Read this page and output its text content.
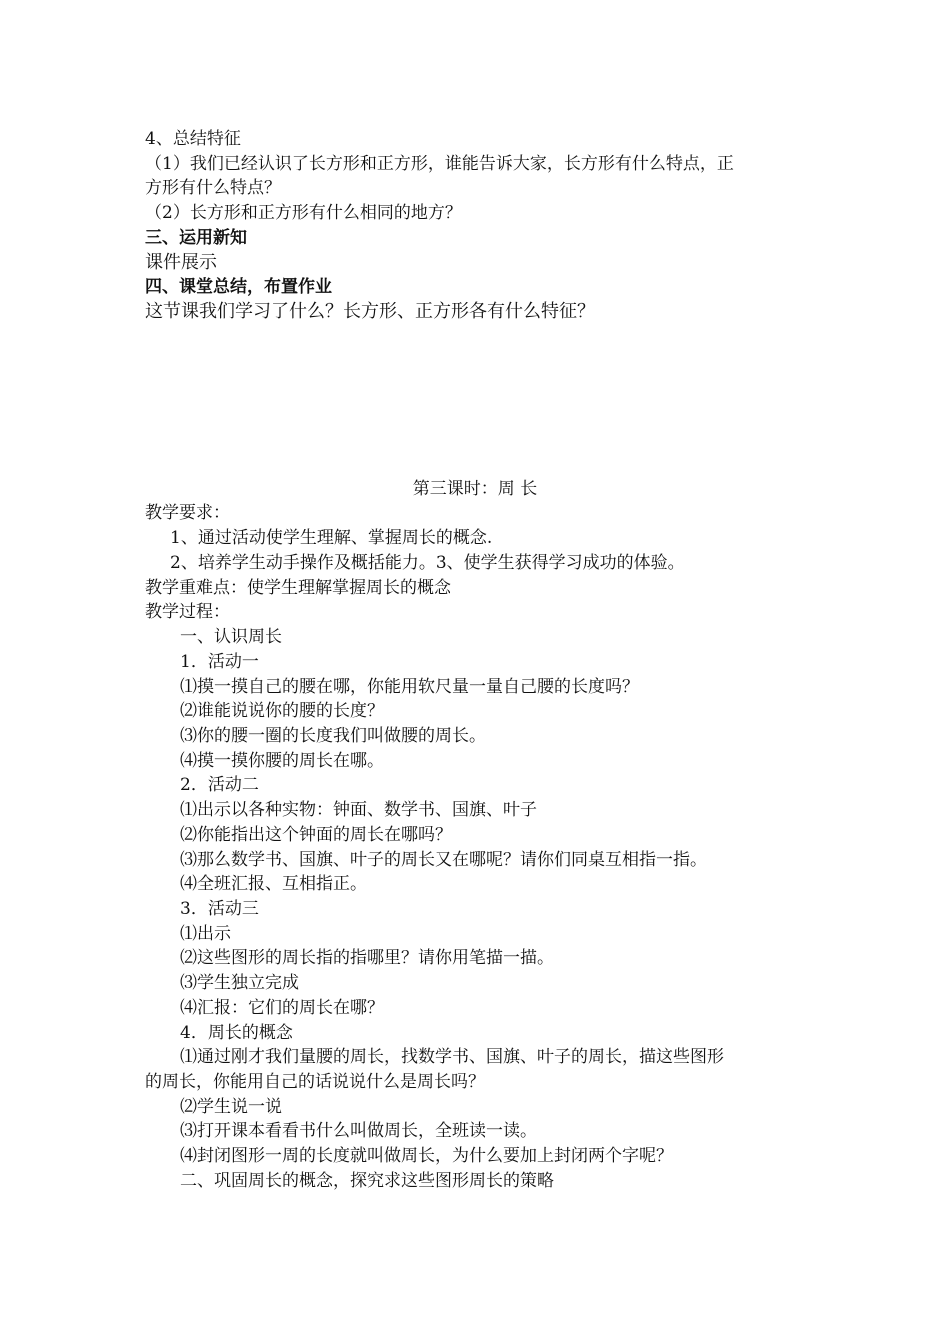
4、总结特征
（1）我们已经认识了长方形和正方形，谁能告诉大家，长方形有什么特点，正
方形有什么特点？
（2）长方形和正方形有什么相同的地方？
三、运用新知
课件展示
四、课堂总结，布置作业
这节课我们学习了什么？长方形、正方形各有什么特征？
第三课时：周 长
教学要求：
1、通过活动使学生理解、掌握周长的概念.
2、培养学生动手操作及概括能力。3、使学生获得学习成功的体验。
教学重难点：使学生理解掌握周长的概念
教学过程：
一、认识周长
1．活动一
⑴摸一摸自己的腰在哪，你能用软尺量一量自己腰的长度吗？
⑵谁能说说你的腰的长度？
⑶你的腰一圈的长度我们叫做腰的周长。
⑷摸一摸你腰的周长在哪。
2．活动二
⑴出示以各种实物：钟面、数学书、国旗、叶子
⑵你能指出这个钟面的周长在哪吗？
⑶那么数学书、国旗、叶子的周长又在哪呢？请你们同桌互相指一指。
⑷全班汇报、互相指正。
3．活动三
⑴出示
⑵这些图形的周长指的指哪里？请你用笔描一描。
⑶学生独立完成
⑷汇报：它们的周长在哪？
4．周长的概念
⑴通过刚才我们量腰的周长，找数学书、国旗、叶子的周长，描这些图形
的周长，你能用自己的话说说什么是周长吗？
⑵学生说一说
⑶打开课本看看书什么叫做周长，全班读一读。
⑷封闭图形一周的长度就叫做周长，为什么要加上封闭两个字呢？
二、巩固周长的概念，探究求这些图形周长的策略
